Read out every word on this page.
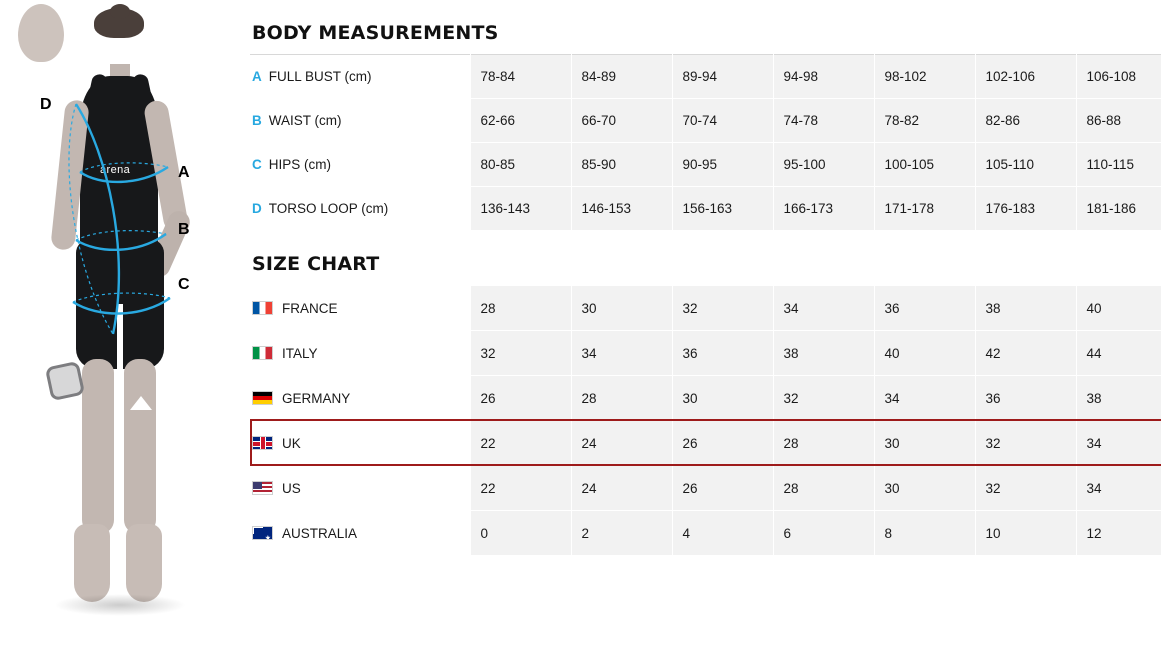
arena
D
A
B
C
BODY MEASUREMENTS
A FULL BUST (cm)	78-84	84-89	89-94	94-98	98-102	102-106	106-108
B WAIST (cm)	62-66	66-70	70-74	74-78	78-82	82-86	86-88
C HIPS (cm)	80-85	85-90	90-95	95-100	100-105	105-110	110-115
D TORSO LOOP (cm)	136-143	146-153	156-163	166-173	171-178	176-183	181-186
SIZE CHART
FRANCE	28	30	32	34	36	38	40
ITALY	32	34	36	38	40	42	44
GERMANY	26	28	30	32	34	36	38
UK	22	24	26	28	30	32	34
US	22	24	26	28	30	32	34
★AUSTRALIA	0	2	4	6	8	10	12
